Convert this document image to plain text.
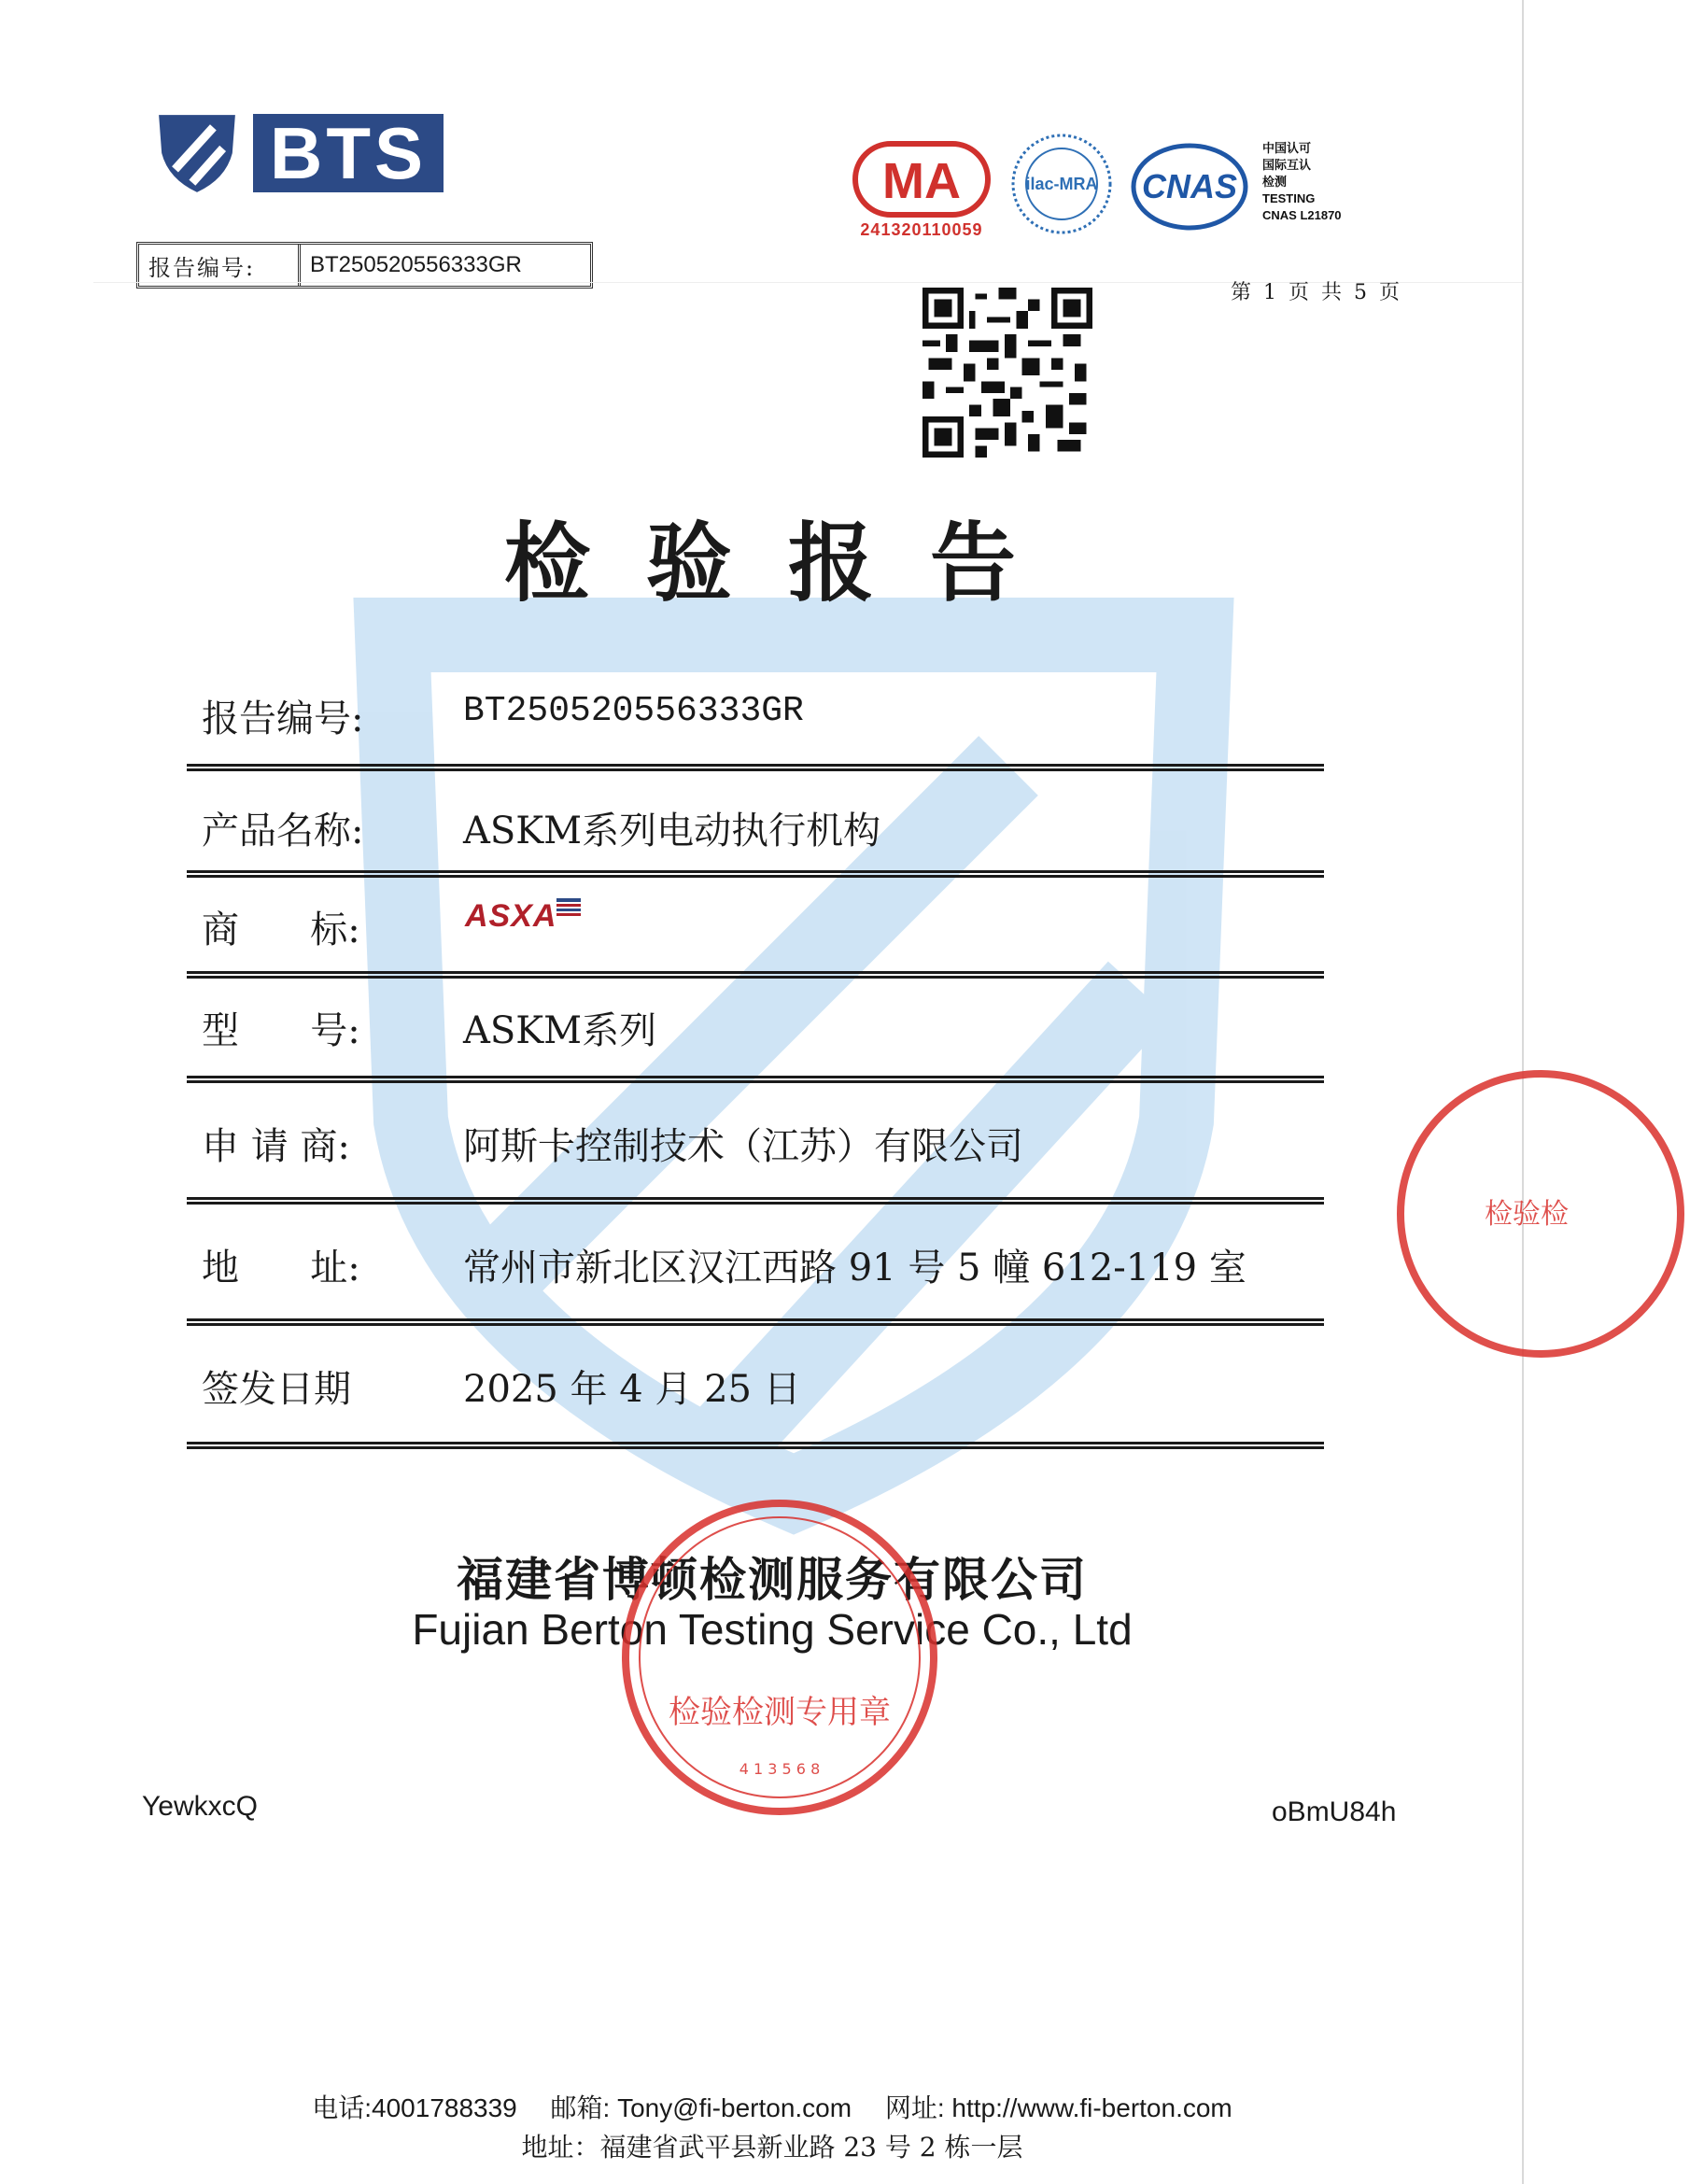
BTS
报告编号:	BT250520556333GR
MA
241320110059
ilac-MRA CNAS
中国认可
国际互认
检测
TESTING
CNAS L21870
第 1 页 共 5 页
检验报告
报告编号:	BT250520556333GR
产品名称:	ASKM系列电动执行机构
商      标:	ASXA
型      号:	ASKM系列
申 请 商:	阿斯卡控制技术（江苏）有限公司
地      址:	常州市新北区汉江西路 91 号 5 幢 612-119 室
签发日期	2025 年 4 月 25 日
福建省博顿检测服务有限公司
Fujian Berton Testing Service Co., Ltd
检验检测专用章
4 1 3 5 6 8
检验检
YewkxcQ	oBmU84h
电话:4001788339 邮箱: Tony@fi-berton.com 网址: http://www.fi-berton.com
地址：福建省武平县新业路 23 号 2 栋一层
